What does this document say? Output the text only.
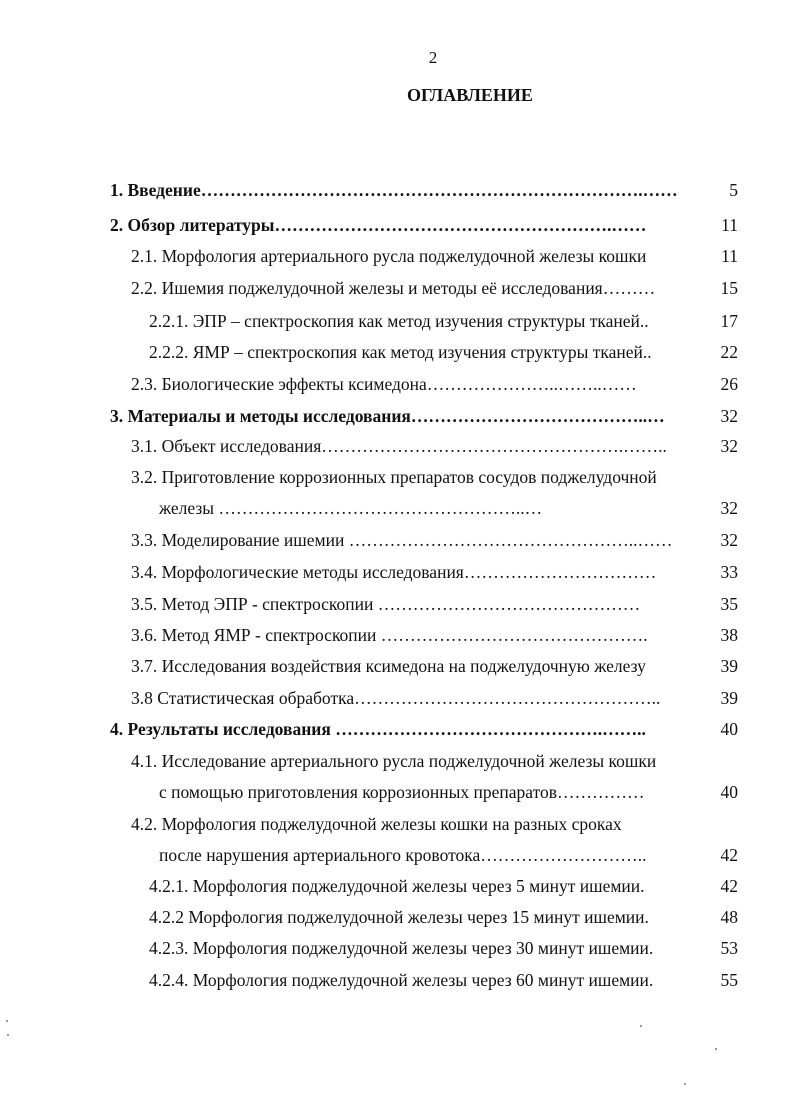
2
ОГЛАВЛЕНИЕ
1. Введение………………………………………………………………….……	5
2. Обзор литературы………………………………………………….……	11
2.1. Морфология артериального русла поджелудочной железы кошки	11
2.2. Ишемия поджелудочной железы и методы её исследования………	15
2.2.1. ЭПР – спектроскопия как метод изучения структуры тканей..	17
2.2.2. ЯМР – спектроскопия как метод изучения структуры тканей..	22
2.3. Биологические эффекты ксимедона…………………..……..……	26
3. Материалы и методы исследования…………………………………..…	32
3.1. Объект исследования…………………………………………….……..	32
3.2. Приготовление коррозионных препаратов сосудов поджелудочной
железы ……………………………………………..…	32
3.3. Моделирование ишемии …………………………………………..……	32
3.4. Морфологические методы исследования……………………………	33
3.5. Метод ЭПР - спектроскопии ………………………………………	35
3.6. Метод ЯМР - спектроскопии ……………………………………….	38
3.7. Исследования воздействия ксимедона на поджелудочную железу	39
3.8 Статистическая обработка……………………………………………..	39
4. Результаты исследования ……………………………………….……..	40
4.1. Исследование артериального русла поджелудочной железы кошки
с помощью приготовления коррозионных препаратов……………	40
4.2. Морфология поджелудочной железы кошки на разных сроках
после нарушения артериального кровотока………………………..	42
4.2.1. Морфология поджелудочной железы через 5 минут ишемии.	42
4.2.2 Морфология поджелудочной железы через 15 минут ишемии.	48
4.2.3. Морфология поджелудочной железы через 30 минут ишемии.	53
4.2.4. Морфология поджелудочной железы через 60 минут ишемии.	55
